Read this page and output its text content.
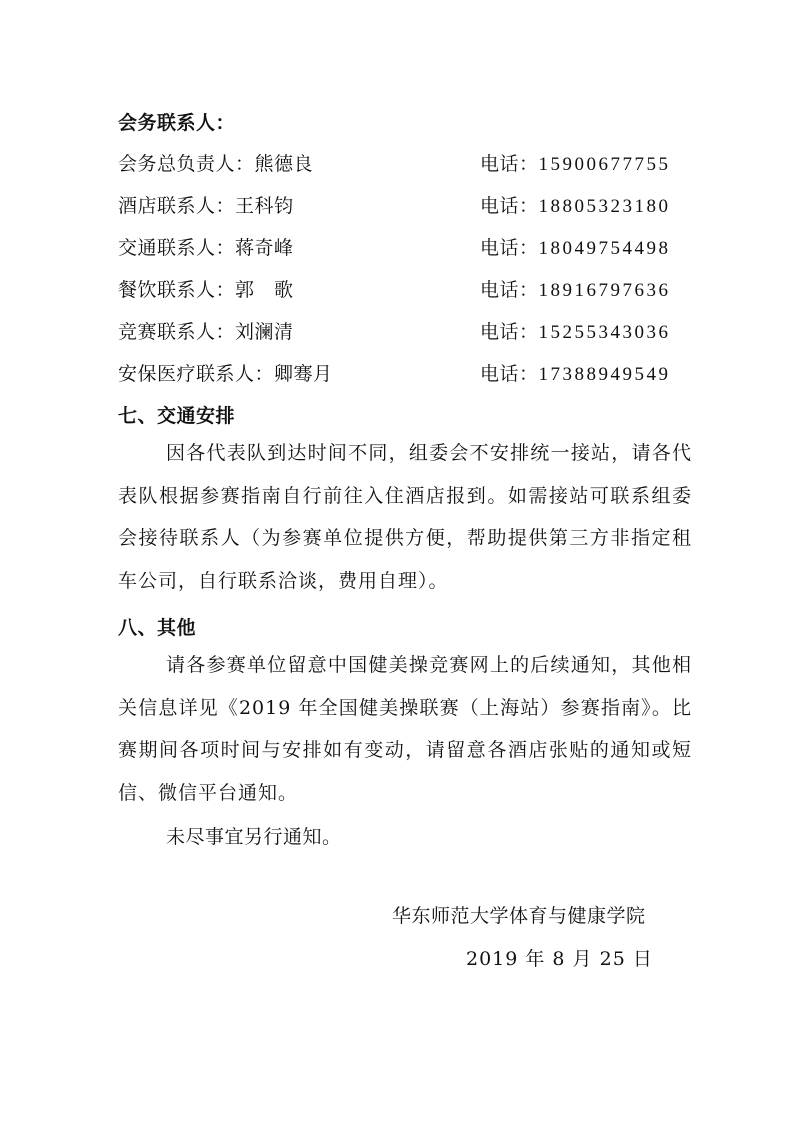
会务联系人：
会务总负责人：熊德良	电话：15900677755
酒店联系人：王科钧	电话：18805323180
交通联系人：蒋奇峰	电话：18049754498
餐饮联系人：郭　歌	电话：18916797636
竞赛联系人：刘澜清	电话：15255343036
安保医疗联系人：卿骞月	电话：17388949549
七、交通安排

因各代表队到达时间不同，组委会不安排统一接站，请各代表队根据参赛指南自行前往入住酒店报到。如需接站可联系组委会接待联系人（为参赛单位提供方便，帮助提供第三方非指定租车公司，自行联系洽谈，费用自理）。

八、其他

请各参赛单位留意中国健美操竞赛网上的后续通知，其他相关信息详见《2019 年全国健美操联赛（上海站）参赛指南》。比赛期间各项时间与安排如有变动，请留意各酒店张贴的通知或短信、微信平台通知。

未尽事宜另行通知。
华东师范大学体育与健康学院
2019 年 8 月 25 日
